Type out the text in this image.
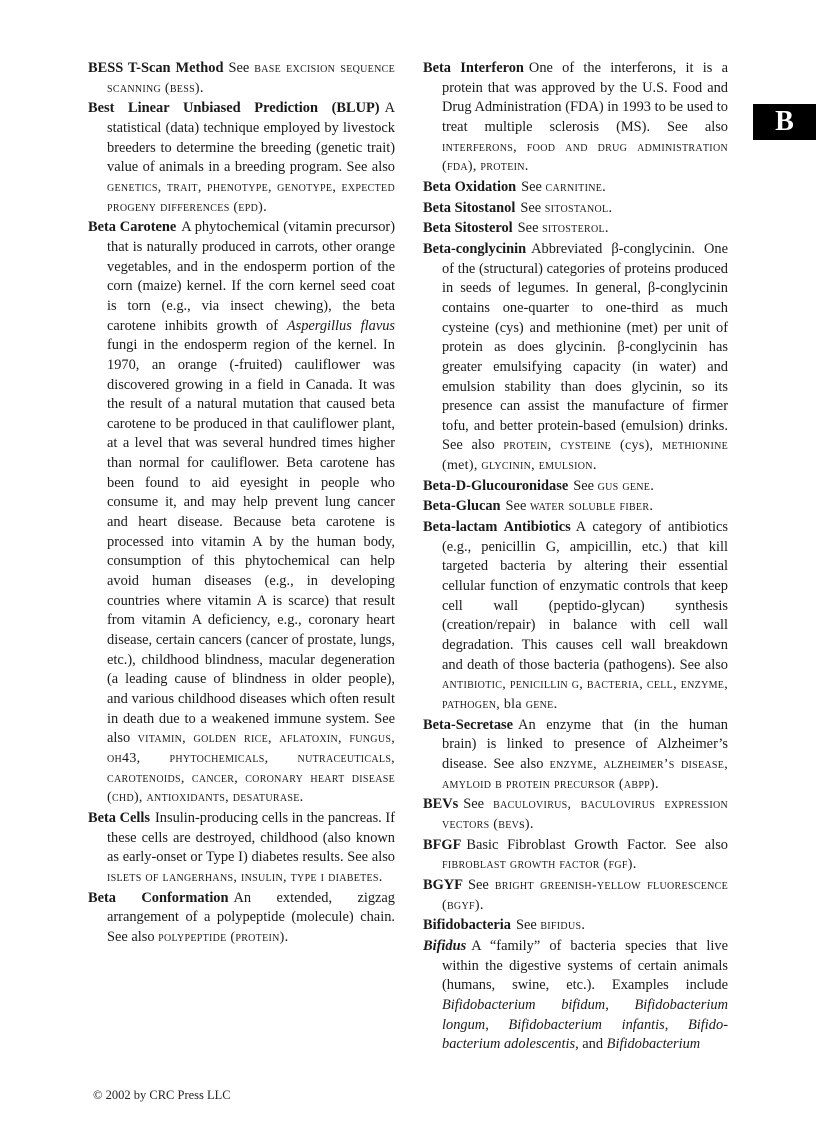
BESS T-Scan Method See base excision sequence scanning (bess).

Best Linear Unbiased Prediction (BLUP) A statistical (data) technique employed by livestock breeders to determine the breeding (genetic trait) value of animals in a breeding program. See also genetics, trait, phenotype, genotype, expected progeny differences (epd).

Beta Carotene A phytochemical (vitamin precursor) that is naturally produced in carrots, other orange vegetables, and in the endosperm portion of the corn (maize) kernel. If the corn kernel seed coat is torn (e.g., via insect chewing), the beta carotene inhibits growth of Aspergillus flavus fungi in the endosperm region of the kernel. In 1970, an orange (-fruited) cauliflower was discovered growing in a field in Canada. It was the result of a natural mutation that caused beta carotene to be produced in that cauliflower plant, at a level that was several hundred times higher than normal for cauliflower. Beta carotene has been found to aid eyesight in people who consume it, and may help prevent lung cancer and heart disease. Because beta carotene is processed into vitamin A by the human body, consumption of this phytochemical can help avoid human diseases (e.g., in developing countries where vitamin A is scarce) that result from vitamin A deficiency, e.g., coronary heart disease, certain cancers (cancer of prostate, lungs, etc.), childhood blindness, macular degeneration (a leading cause of blindness in older people), and various childhood diseases which often result in death due to a weakened immune system. See also vitamin, golden rice, aflatoxin, fungus, oh43, phytochemicals, nutraceuticals, carotenoids, cancer, coronary heart disease (chd), antioxidants, desaturase.

Beta Cells Insulin-producing cells in the pancreas. If these cells are destroyed, childhood (also known as early-onset or Type I) diabetes results. See also islets of langerhans, insulin, type i diabetes.

Beta Conformation An extended, zigzag arrangement of a polypeptide (molecule) chain. See also polypeptide (protein).

Beta Interferon One of the interferons, it is a protein that was approved by the U.S. Food and Drug Administration (FDA) in 1993 to be used to treat multiple sclerosis (MS). See also interferons, food and drug administration (fda), protein.

Beta Oxidation See carnitine.

Beta Sitostanol See sitostanol.

Beta Sitosterol See sitosterol.

Beta-conglycinin Abbreviated β-conglycinin. One of the (structural) categories of proteins produced in seeds of legumes. In general, β-conglycinin contains one-quarter to one-third as much cysteine (cys) and methionine (met) per unit of protein as does glycinin. β-conglycinin has greater emulsifying capacity (in water) and emulsion stability than does glycinin, so its presence can assist the manufacture of firmer tofu, and better protein-based (emulsion) drinks. See also protein, cysteine (cys), methionine (met), glycinin, emulsion.

Beta-D-Glucouronidase See gus gene.

Beta-Glucan See water soluble fiber.

Beta-lactam Antibiotics A category of antibiotics (e.g., penicillin G, ampicillin, etc.) that kill targeted bacteria by altering their essential cellular function of enzymatic controls that keep cell wall (peptido-glycan) synthesis (creation/repair) in balance with cell wall degradation. This causes cell wall breakdown and death of those bacteria (pathogens). See also antibiotic, penicillin g, bacteria, cell, enzyme, pathogen, bla gene.

Beta-Secretase An enzyme that (in the human brain) is linked to presence of Alzheimer’s disease. See also enzyme, alzheimer’s disease, amyloid β protein precursor (aβpp).

BEVs See baculovirus, baculovirus expression vectors (bevs).

BFGF Basic Fibroblast Growth Factor. See also fibroblast growth factor (fgf).

BGYF See bright greenish-yellow fluorescence (bgyf).

Bifidobacteria See bifidus.

Bifidus A “family” of bacteria species that live within the digestive systems of certain animals (humans, swine, etc.). Examples include Bifidobacterium bifidum, Bifidobacterium longum, Bifidobacterium infantis, Bifidobacterium adolescentis, and Bifidobacterium

B
© 2002 by CRC Press LLC
